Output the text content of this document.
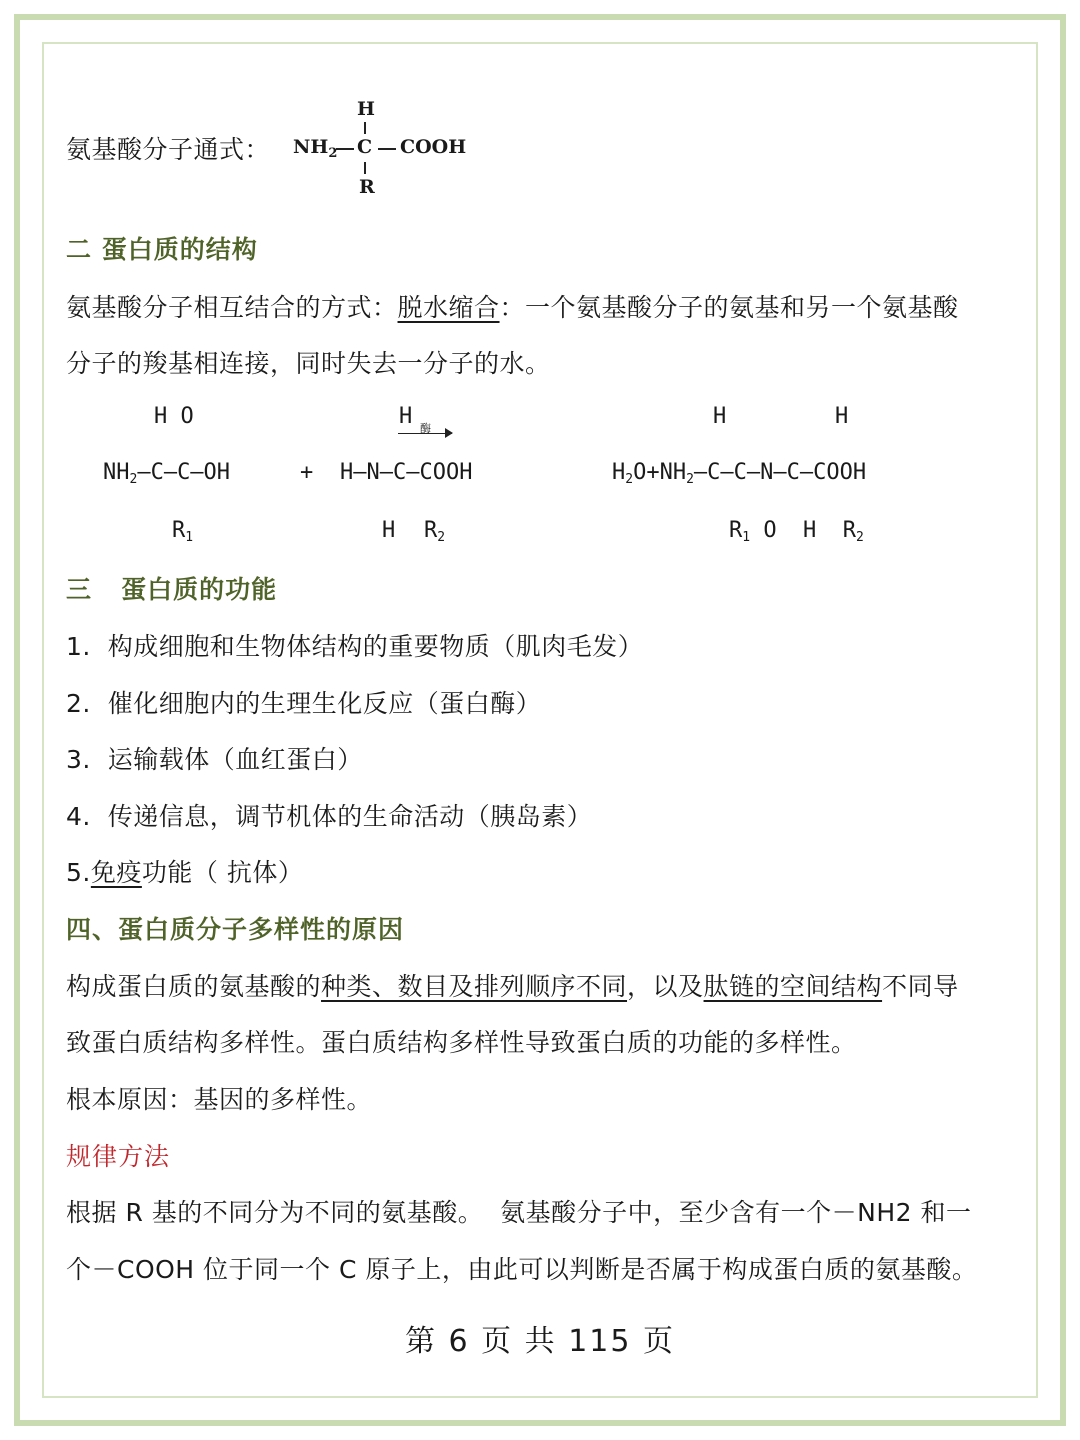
氨基酸分子通式：
H
$NH_2$ C COOH
R
二 蛋白质的结构
氨基酸分子相互结合的方式：脱水缩合：一个氨基酸分子的氨基和另一个氨基酸
分子的羧基相连接，同时失去一分子的水。
H O
$NH_2—C—C—OH$
$R_1$
+
H 酶
H—N—C—COOH
H $R_2$
H	H
$H_2O+NH_2—C—C—N—C—COOH$
$R_1$ O  H  $R_2$
三   蛋白质的功能
1.  构成细胞和生物体结构的重要物质（肌肉毛发）
2.  催化细胞内的生理生化反应（蛋白酶）
3.  运输载体（血红蛋白）
4.  传递信息，调节机体的生命活动（胰岛素）
5.免疫功能（ 抗体）
四、蛋白质分子多样性的原因
构成蛋白质的氨基酸的种类、数目及排列顺序不同，以及肽链的空间结构不同导
致蛋白质结构多样性。蛋白质结构多样性导致蛋白质的功能的多样性。
根本原因：基因的多样性。
规律方法
根据 R 基的不同分为不同的氨基酸。  氨基酸分子中，至少含有一个－NH2 和一
个－COOH 位于同一个 C 原子上，由此可以判断是否属于构成蛋白质的氨基酸。
第 6 页 共 115 页
